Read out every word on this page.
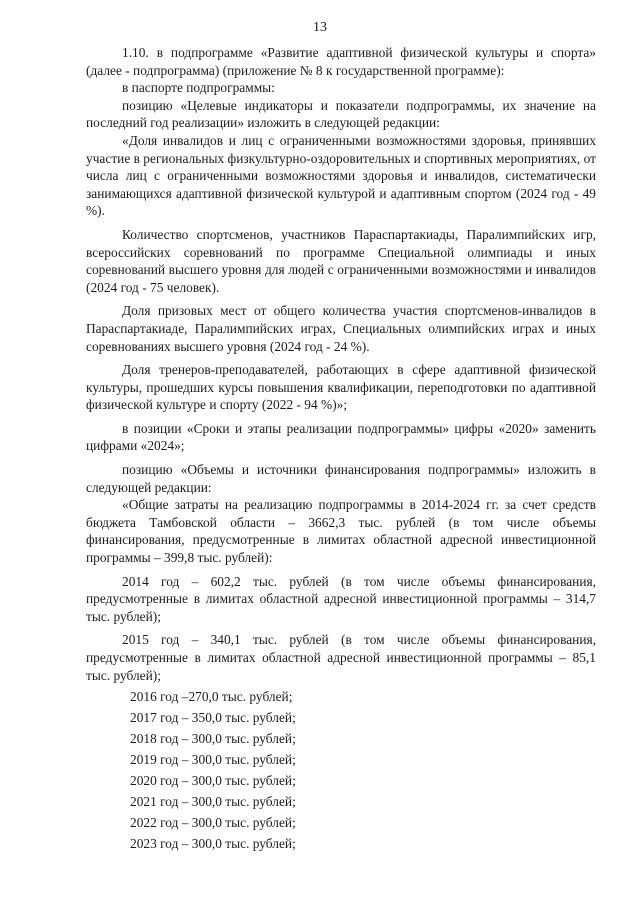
13

1.10. в подпрограмме «Развитие адаптивной физической культуры и спорта» (далее - подпрограмма) (приложение № 8 к государственной программе):

в паспорте подпрограммы:

позицию «Целевые индикаторы и показатели подпрограммы, их значение на последний год реализации» изложить в следующей редакции:

«Доля инвалидов и лиц с ограниченными возможностями здоровья, принявших участие в региональных физкультурно-оздоровительных и спортивных мероприятиях, от числа лиц с ограниченными возможностями здоровья и инвалидов, систематически занимающихся адаптивной физической культурой и адаптивным спортом (2024 год - 49 %).

Количество спортсменов, участников Параспартакиады, Паралимпийских игр, всероссийских соревнований по программе Специальной олимпиады и иных соревнований высшего уровня для людей с ограниченными возможностями и инвалидов (2024 год - 75 человек).

Доля призовых мест от общего количества участия спортсменов-инвалидов в Параспартакиаде, Паралимпийских играх, Специальных олимпийских играх и иных соревнованиях высшего уровня (2024 год - 24 %).

Доля тренеров-преподавателей, работающих в сфере адаптивной физической культуры, прошедших курсы повышения квалификации, переподготовки по адаптивной физической культуре и спорту (2022 - 94 %)»;

в позиции «Сроки и этапы реализации подпрограммы» цифры «2020» заменить цифрами «2024»;

позицию «Объемы и источники финансирования подпрограммы» изложить в следующей редакции:

«Общие затраты на реализацию подпрограммы в 2014-2024 гг. за счет средств бюджета Тамбовской области – 3662,3 тыс. рублей (в том числе объемы финансирования, предусмотренные в лимитах областной адресной инвестиционной программы – 399,8 тыс. рублей):

2014 год – 602,2 тыс. рублей (в том числе объемы финансирования, предусмотренные в лимитах областной адресной инвестиционной программы – 314,7 тыс. рублей);

2015 год – 340,1 тыс. рублей (в том числе объемы финансирования, предусмотренные в лимитах областной адресной инвестиционной программы – 85,1 тыс. рублей);

2016 год –270,0 тыс. рублей;
2017 год – 350,0 тыс. рублей;
2018 год – 300,0 тыс. рублей;
2019 год – 300,0 тыс. рублей;
2020 год – 300,0 тыс. рублей;
2021 год – 300,0 тыс. рублей;
2022 год – 300,0 тыс. рублей;
2023 год – 300,0 тыс. рублей;
